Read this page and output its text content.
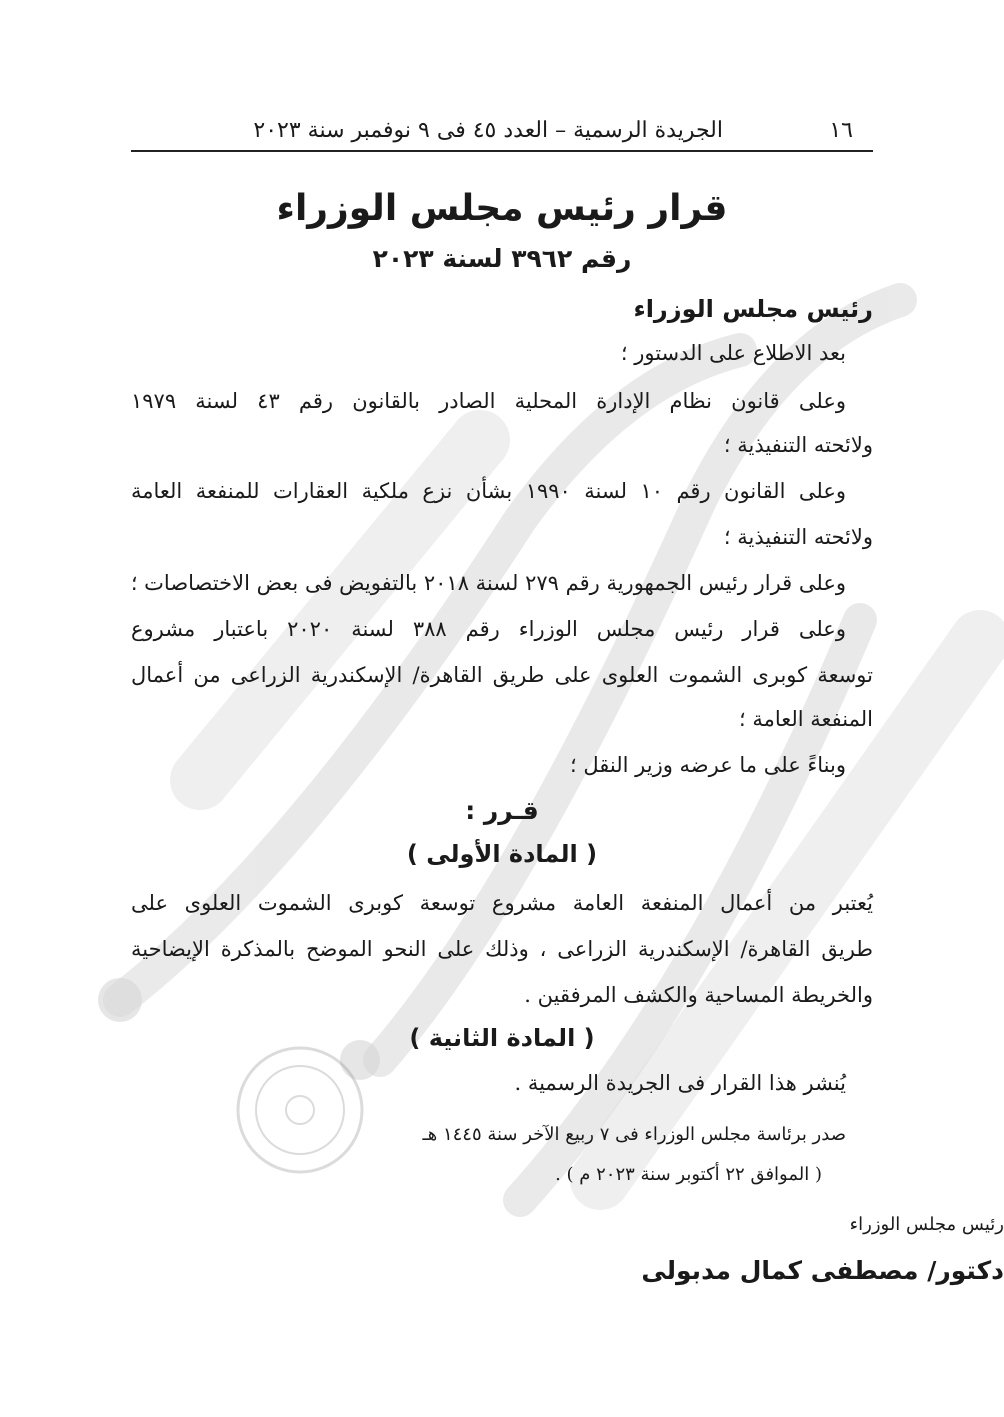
١٦
الجريدة الرسمية – العدد ٤٥ فى ٩ نوفمبر سنة ٢٠٢٣
قرار رئيس مجلس الوزراء
رقم ٣٩٦٢ لسنة ٢٠٢٣
رئيس مجلس الوزراء
بعد الاطلاع على الدستور ؛
وعلى قانون نظام الإدارة المحلية الصادر بالقانون رقم ٤٣ لسنة ١٩٧٩
ولائحته التنفيذية ؛
وعلى القانون رقم ١٠ لسنة ١٩٩٠ بشأن نزع ملكية العقارات للمنفعة العامة
ولائحته التنفيذية ؛
وعلى قرار رئيس الجمهورية رقم ٢٧٩ لسنة ٢٠١٨ بالتفويض فى بعض الاختصاصات ؛
وعلى قرار رئيس مجلس الوزراء رقم ٣٨٨ لسنة ٢٠٢٠ باعتبار مشروع
توسعة كوبرى الشموت العلوى على طريق القاهرة/ الإسكندرية الزراعى من أعمال
المنفعة العامة ؛
وبناءً على ما عرضه وزير النقل ؛
قـرر :
( المادة الأولى )
يُعتبر من أعمال المنفعة العامة مشروع توسعة كوبرى الشموت العلوى على
طريق القاهرة/ الإسكندرية الزراعى ، وذلك على النحو الموضح بالمذكرة الإيضاحية
والخريطة المساحية والكشف المرفقين .
( المادة الثانية )
يُنشر هذا القرار فى الجريدة الرسمية .
صدر برئاسة مجلس الوزراء فى ٧ ربيع الآخر سنة ١٤٤٥ هـ
( الموافق ٢٢ أكتوبر سنة ٢٠٢٣ م ) .
رئيس مجلس الوزراء
دكتور/ مصطفى كمال مدبولى
